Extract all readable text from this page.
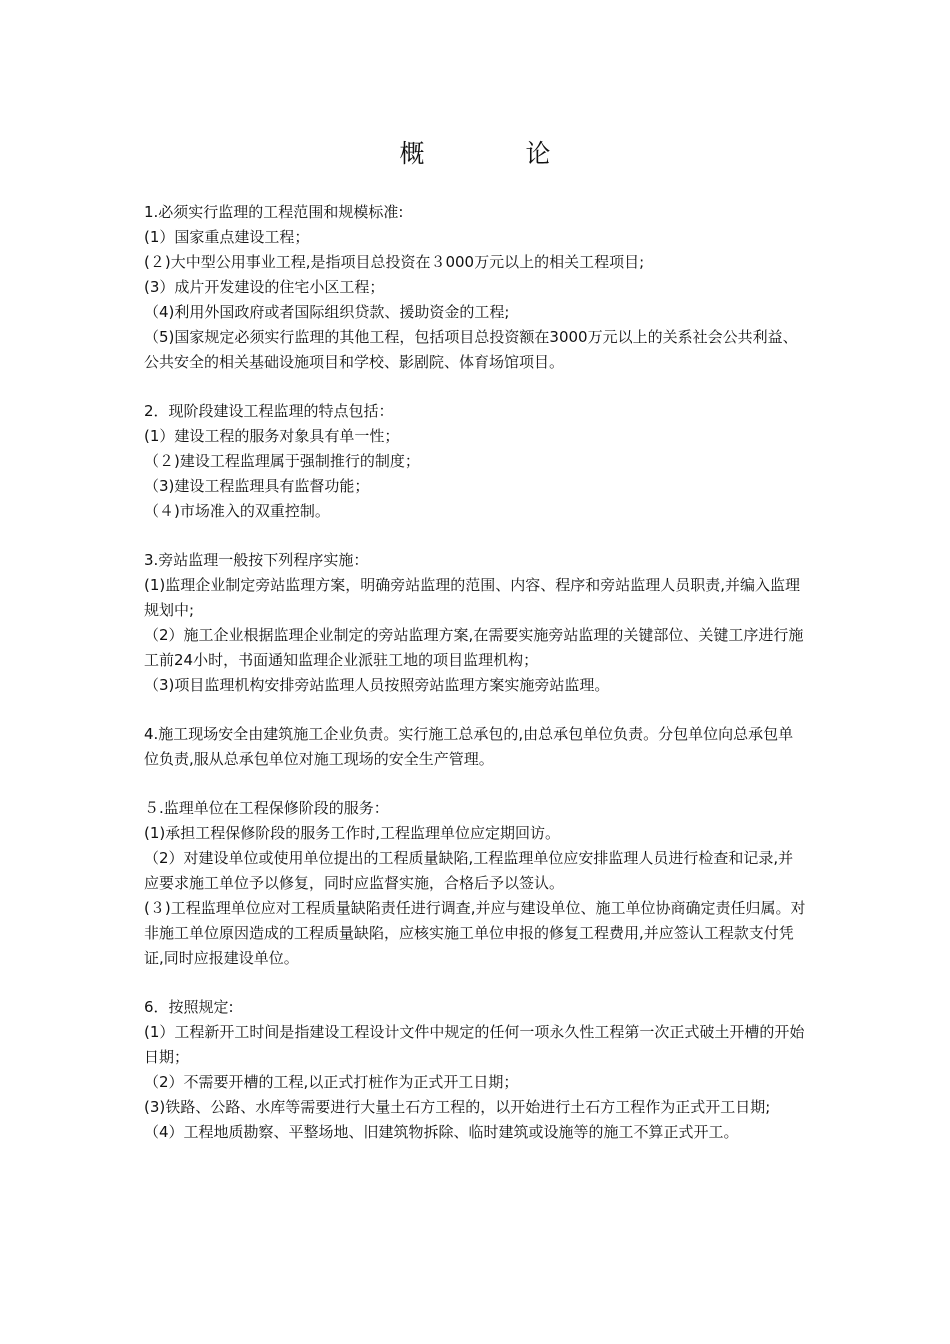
概　论
1.必须实行监理的工程范围和规模标准:
(1）国家重点建设工程；
(２)大中型公用事业工程,是指项目总投资在３000万元以上的相关工程项目;
(3）成片开发建设的住宅小区工程；
（4)利用外国政府或者国际组织贷款、援助资金的工程;
（5)国家规定必须实行监理的其他工程，包括项目总投资额在3000万元以上的关系社会公共利益、公共安全的相关基础设施项目和学校、影剧院、体育场馆项目。
2．现阶段建设工程监理的特点包括：
(1）建设工程的服务对象具有单一性；
（２)建设工程监理属于强制推行的制度；
（3)建设工程监理具有监督功能；
（４)市场准入的双重控制。
3.旁站监理一般按下列程序实施：
(1)监理企业制定旁站监理方案，明确旁站监理的范围、内容、程序和旁站监理人员职责,并编入监理规划中;
（2）施工企业根据监理企业制定的旁站监理方案,在需要实施旁站监理的关键部位、关键工序进行施工前24小时，书面通知监理企业派驻工地的项目监理机构；
（3)项目监理机构安排旁站监理人员按照旁站监理方案实施旁站监理。
4.施工现场安全由建筑施工企业负责。实行施工总承包的,由总承包单位负责。分包单位向总承包单位负责,服从总承包单位对施工现场的安全生产管理。
５.监理单位在工程保修阶段的服务：
(1)承担工程保修阶段的服务工作时,工程监理单位应定期回访。
（2）对建设单位或使用单位提出的工程质量缺陷,工程监理单位应安排监理人员进行检查和记录,并应要求施工单位予以修复，同时应监督实施，合格后予以签认。
(３)工程监理单位应对工程质量缺陷责任进行调查,并应与建设单位、施工单位协商确定责任归属。对非施工单位原因造成的工程质量缺陷，应核实施工单位申报的修复工程费用,并应签认工程款支付凭证,同时应报建设单位。
6．按照规定:
(1）工程新开工时间是指建设工程设计文件中规定的任何一项永久性工程第一次正式破土开槽的开始日期；
（2）不需要开槽的工程,以正式打桩作为正式开工日期；
(3)铁路、公路、水库等需要进行大量土石方工程的，以开始进行土石方工程作为正式开工日期;
（4）工程地质勘察、平整场地、旧建筑物拆除、临时建筑或设施等的施工不算正式开工。
